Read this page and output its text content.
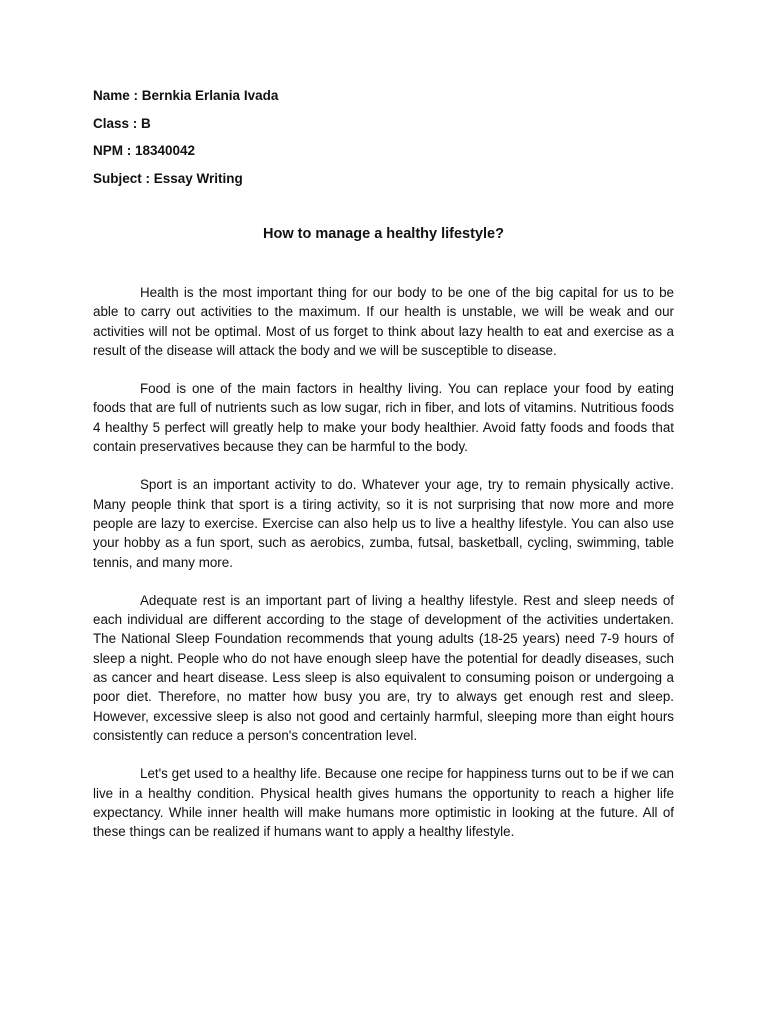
Name : Bernkia Erlania Ivada
Class : B
NPM : 18340042
Subject : Essay Writing
How to manage a healthy lifestyle?

Health is the most important thing for our body to be one of the big capital for us to be able to carry out activities to the maximum. If our health is unstable, we will be weak and our activities will not be optimal. Most of us forget to think about lazy health to eat and exercise as a result of the disease will attack the body and we will be susceptible to disease.

Food is one of the main factors in healthy living. You can replace your food by eating foods that are full of nutrients such as low sugar, rich in fiber, and lots of vitamins. Nutritious foods 4 healthy 5 perfect will greatly help to make your body healthier. Avoid fatty foods and foods that contain preservatives because they can be harmful to the body.

Sport is an important activity to do. Whatever your age, try to remain physically active. Many people think that sport is a tiring activity, so it is not surprising that now more and more people are lazy to exercise. Exercise can also help us to live a healthy lifestyle. You can also use your hobby as a fun sport, such as aerobics, zumba, futsal, basketball, cycling, swimming, table tennis, and many more.

Adequate rest is an important part of living a healthy lifestyle. Rest and sleep needs of each individual are different according to the stage of development of the activities undertaken. The National Sleep Foundation recommends that young adults (18-25 years) need 7-9 hours of sleep a night. People who do not have enough sleep have the potential for deadly diseases, such as cancer and heart disease. Less sleep is also equivalent to consuming poison or undergoing a poor diet. Therefore, no matter how busy you are, try to always get enough rest and sleep. However, excessive sleep is also not good and certainly harmful, sleeping more than eight hours consistently can reduce a person's concentration level.

Let's get used to a healthy life. Because one recipe for happiness turns out to be if we can live in a healthy condition. Physical health gives humans the opportunity to reach a higher life expectancy. While inner health will make humans more optimistic in looking at the future. All of these things can be realized if humans want to apply a healthy lifestyle.
